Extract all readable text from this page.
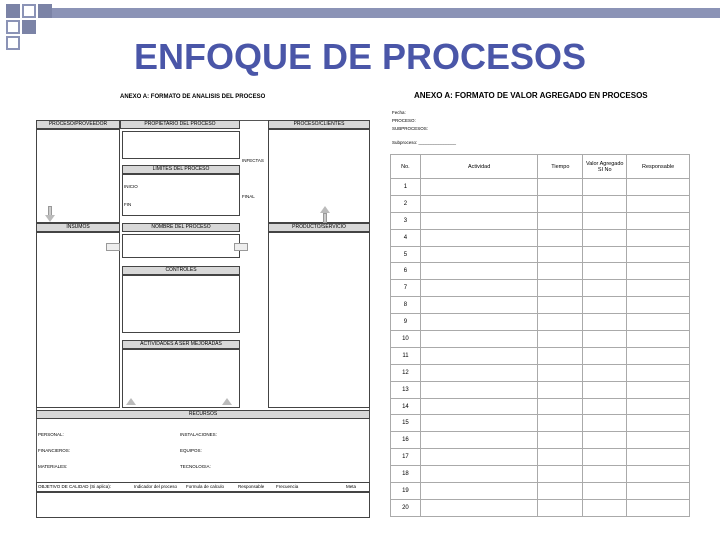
ENFOQUE DE PROCESOS
ANEXO A: FORMATO DE ANALISIS DEL PROCESO
PROCESO/PROVEEDOR	PROPIETARIO DEL PROCESO	PROCESO/CLIENTES
LIMITES DEL PROCESO
INICIO
FIN
INFECTAS
FINAL
INSUMOS	NOMBRE DEL PROCESO	PRODUCTO/SERVICIO
CONTROLES
ACTIVIDADES A SER MEJORADAS
RECURSOS
PERSONAL:	INSTALACIONES:
FINANCIEROS:	EQUIPOS:
MATERIALES:	TECNOLOGIA:
OBJETIVO DE CALIDAD (Si aplica):	Indicador del proceso Formula de calculo	Responsable	Frecuencia	Meta
ANEXO A: FORMATO DE VALOR AGREGADO EN PROCESOS
Fecha:
PROCESO:
SUBPROCESOS:
Subproceso: _______________
No.	Actividad	Tiempo	Valor Agregado SI No	Responsable
1				
2				
3				
4				
5				
6				
7				
8				
9				
10				
11				
12				
13				
14				
15				
16				
17				
18				
19				
20				
